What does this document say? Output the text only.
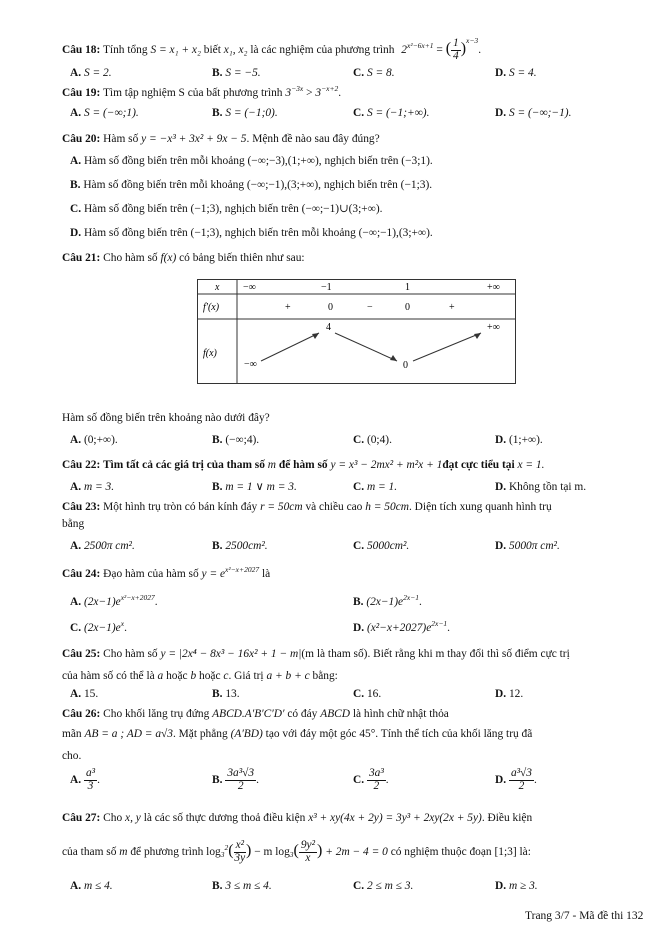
Câu 18: Tính tổng S = x₁ + x₂ biết x₁, x₂ là các nghiệm của phương trình $2^{x^2-6x+1}$ = ( $\frac{1}{4} )^{x-3}$.
A. S = 2.	B. S = −5.	C. S = 8.	D. S = 4.
Câu 19: Tìm tập nghiệm S của bất phương trình $3^{-3x} > 3^{-x+2}$.
A. S = (−∞;1).	B. S = (−1;0).	C. S = (−1;+∞).	D. S = (−∞;−1).
Câu 20: Hàm số y = −x³ + 3x² + 9x − 5. Mệnh đề nào sau đây đúng?
A. Hàm số đồng biến trên mỗi khoảng (−∞;−3),(1;+∞), nghịch biến trên (−3;1).
B. Hàm số đồng biến trên mỗi khoảng (−∞;−1),(3;+∞), nghịch biến trên (−1;3).
C. Hàm số đồng biến trên (−1;3), nghịch biến trên (−∞;−1)∪(3;+∞).
D. Hàm số đồng biến trên (−1;3), nghịch biến trên mỗi khoảng (−∞;−1),(3;+∞).
Câu 21: Cho hàm số f(x) có bảng biến thiên như sau:
x −∞	−1	1	+∞
f′(x)	+	0	−	0	+
f(x)
4	+∞
−∞	0
Hàm số đồng biến trên khoảng nào dưới đây?
A. (0;+∞).	B. (−∞;4).	C. (0;4).	D. (1;+∞).
Câu 22: Tìm tất cả các giá trị của tham số m để hàm số y = x³ − 2mx² + m²x + 1đạt cực tiểu tại x = 1.
A. m = 3.	B. m = 1 ∨ m = 3.	C. m = 1.	D. Không tồn tại m.
Câu 23: Một hình trụ tròn có bán kính đáy r = 50cm và chiều cao h = 50cm. Diện tích xung quanh hình trụ
bằng
A. 2500π cm².	B. 2500cm².	C. 5000cm².	D. 5000π cm².
Câu 24: Đạo hàm của hàm số $y = e^{x^2-x+2027}$ là
A. $(2x-1)e^{x^2-x+2027}$.	B. $(2x-1)e^{2x-1}$.
C. $(2x-1)e^x$.	D. $(x^2-x+2027)e^{2x-1}$.
Câu 25: Cho hàm số y = |2x⁴ − 8x³ − 16x² + 1 − m|(m là tham số). Biết rằng khi m thay đổi thì số điểm cực trị
của hàm số có thể là a hoặc b hoặc c. Giá trị a + b + c bằng:
A. 15.	B. 13.	C. 16.	D. 12.
Câu 26: Cho khối lăng trụ đứng ABCD.A′B′C′D′ có đáy ABCD là hình chữ nhật thỏa
mãn AB = a ; AD = a√3. Mặt phẳng (A′BD) tạo với đáy một góc 45°. Tính thể tích của khối lăng trụ đã
cho.
A. $\frac{\text{a³}}{3}$ .	B. $\frac{\text{3a³√3}}{2}$ .	C. $\frac{\text{3a³}}{2}$ .	D. $\frac{\text{a³√3}}{2}$ .
Câu 27: Cho x, y là các số thực dương thoả điều kiện x³ + xy(4x + 2y) = 3y³ + 2xy(2x + 5y). Điều kiện
của tham số m để phương trình $\log_3^2( \frac{\text{x²}}{3y}$ ) − m $\log_3( \frac{\text{9y²}}{x}$ ) + 2m − 4 = 0 có nghiệm thuộc đoạn [1;3] là:
A. m ≤ 4.	B. 3 ≤ m ≤ 4.	C. 2 ≤ m ≤ 3.	D. m ≥ 3.
Trang 3/7 - Mã đề thi 132
